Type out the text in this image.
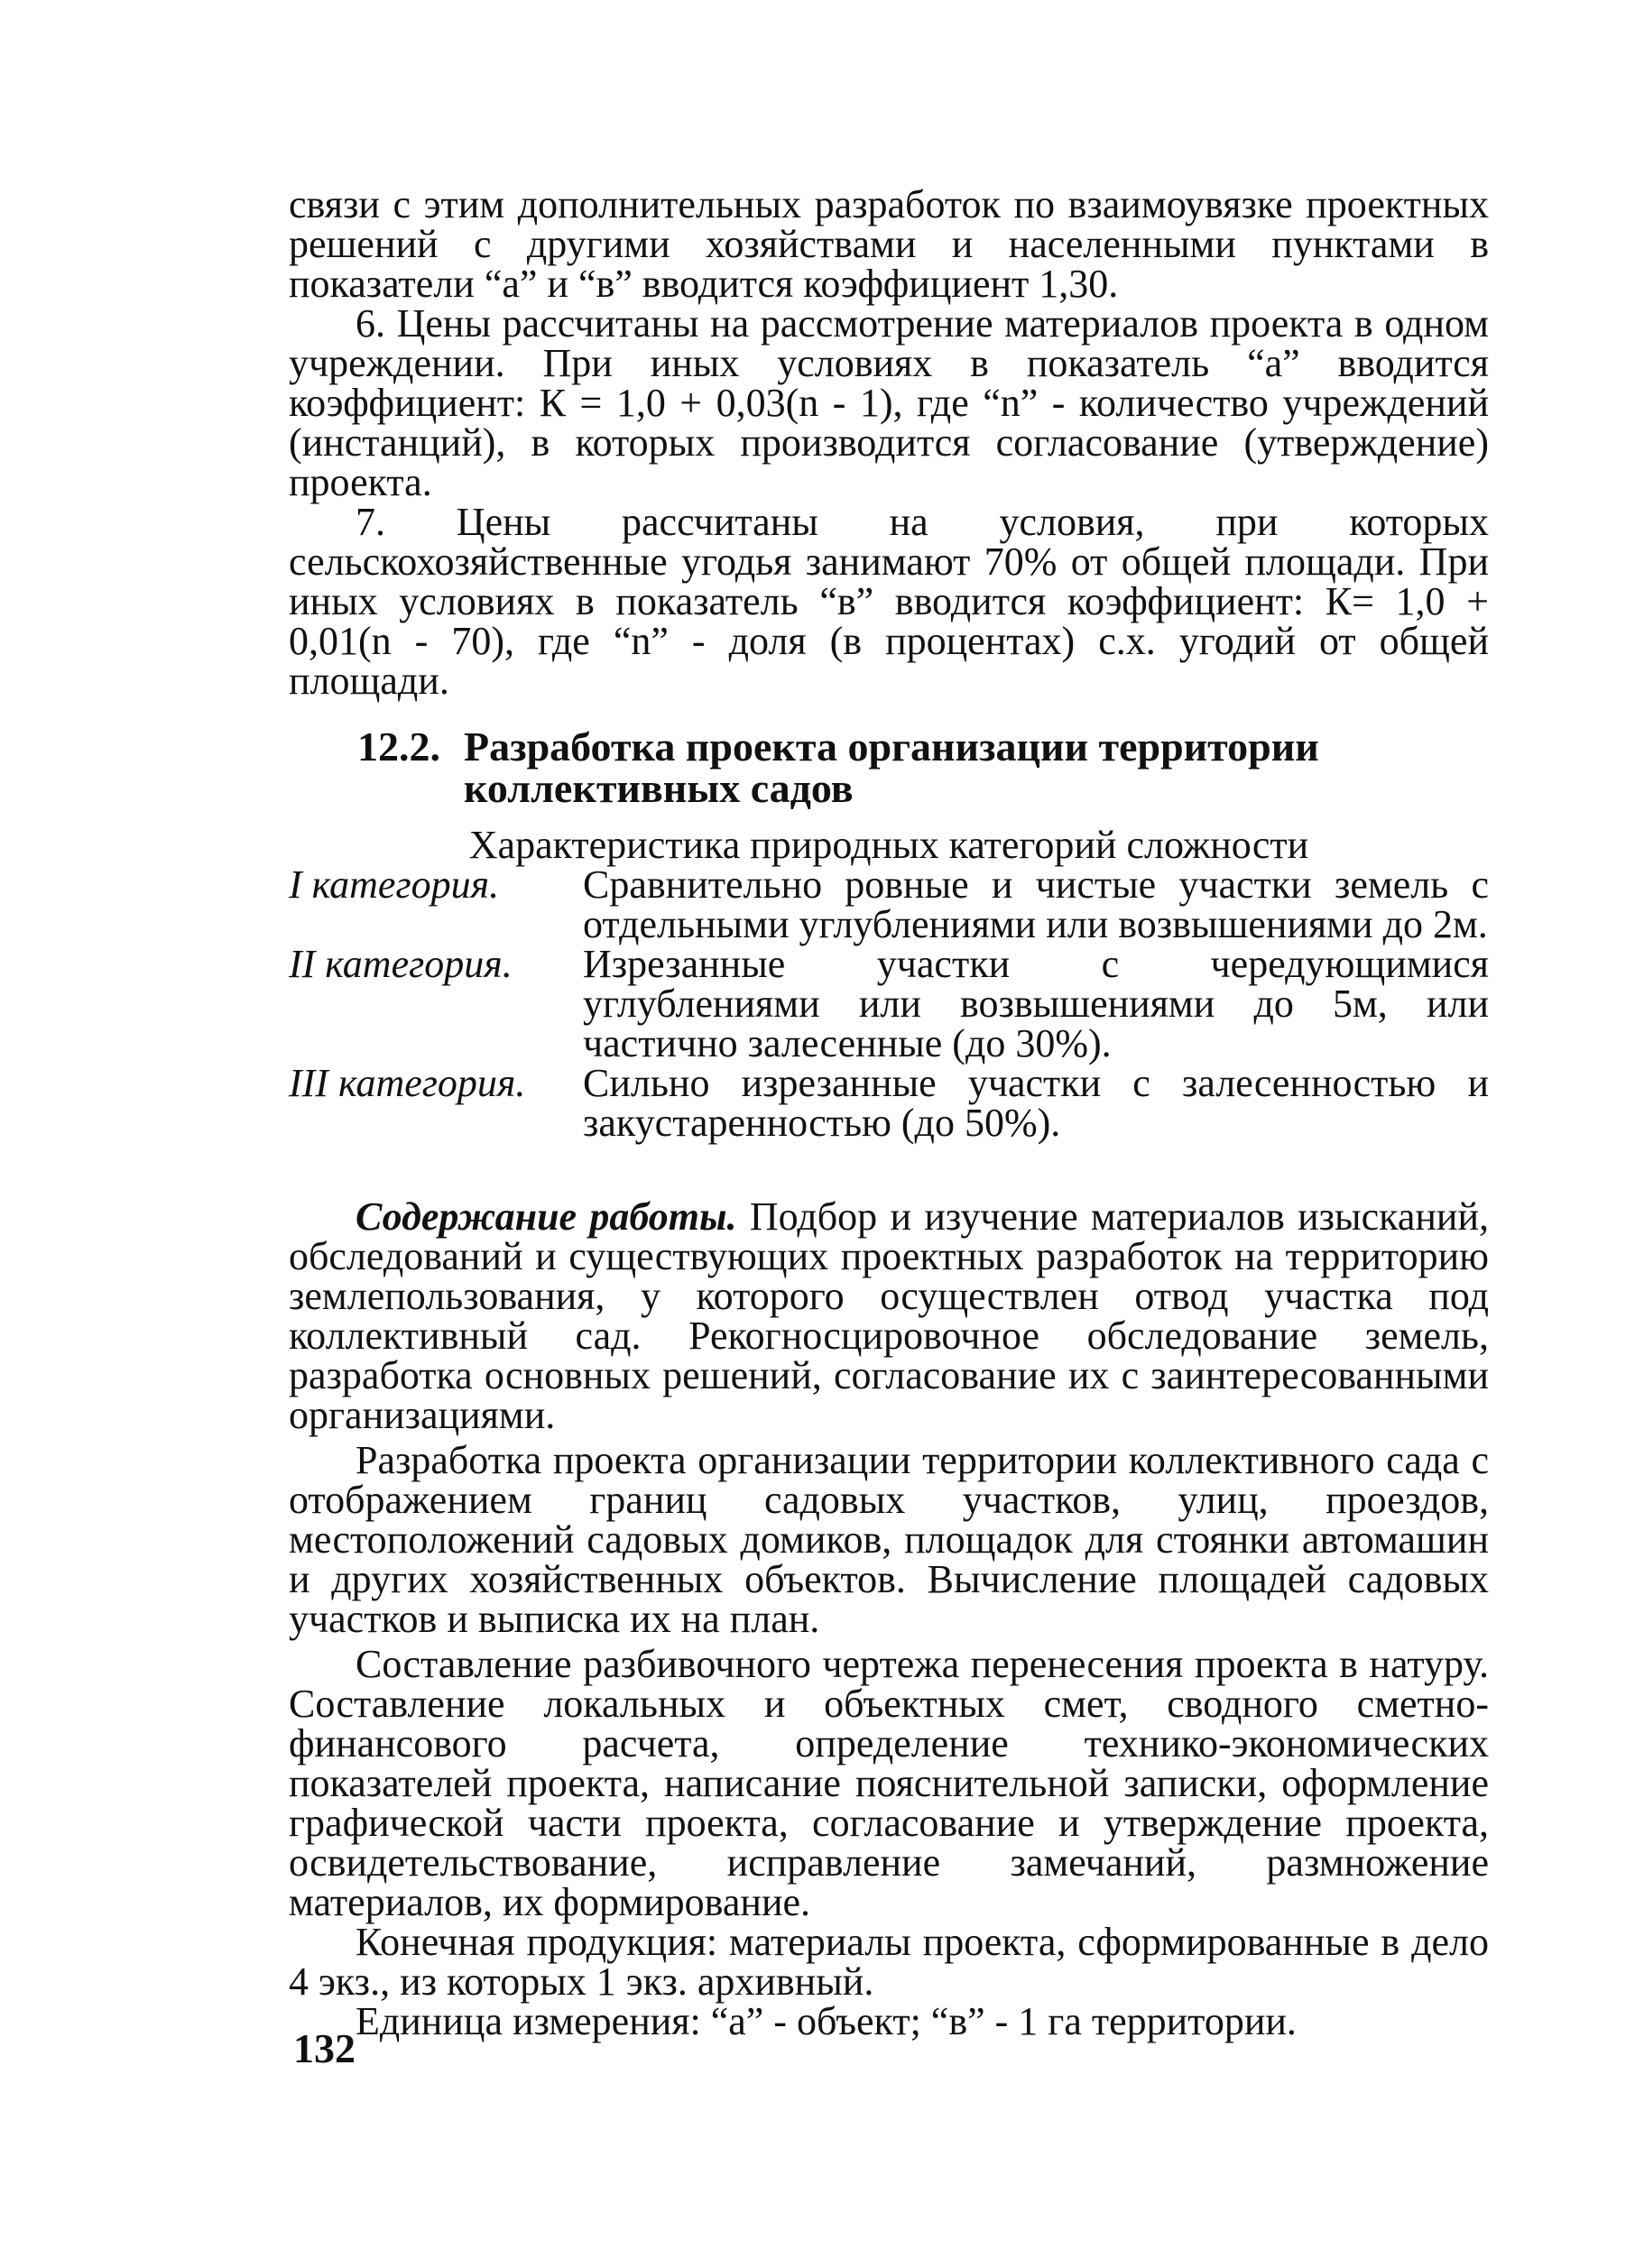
связи с этим дополнительных разработок по взаимоувязке проектных решений с другими хозяйствами и населенными пунктами в показатели “а” и “в” вводится коэффициент 1,30.

6. Цены рассчитаны на рассмотрение материалов проекта в одном учреждении. При иных условиях в показатель “а” вводится коэффициент: К = 1,0 + 0,03(n - 1), где “n” - количество учреждений (инстанций), в которых производится согласование (утверждение) проекта.

7. Цены рассчитаны на условия, при которых сельскохозяйственные угодья занимают 70% от общей площади. При иных условиях в показатель “в” вводится коэффициент: К= 1,0 + 0,01(n - 70), где “n” - доля (в процентах) с.х. угодий от общей площади.

12.2. Разработка проекта организации территории коллективных садов

Характеристика природных категорий сложности

I категория.	Сравнительно ровные и чистые участки земель с отдельными углублениями или возвышениями до 2м.
II категория.	Изрезанные участки с чередующимися углублениями или возвышениями до 5м, или частично залесенные (до 30%).
III категория.	Сильно изрезанные участки с залесенностью и закустаренностью (до 50%).

Содержание работы. Подбор и изучение материалов изысканий, обследований и существующих проектных разработок на территорию землепользования, у которого осуществлен отвод участка под коллективный сад. Рекогносцировочное обследование земель, разработка основных решений, согласование их с заинтересованными организациями.

Разработка проекта организации территории коллективного сада с отображением границ садовых участков, улиц, проездов, местоположений садовых домиков, площадок для стоянки автомашин и других хозяйственных объектов. Вычисление площадей садовых участков и выписка их на план.

Составление разбивочного чертежа перенесения проекта в натуру. Составление локальных и объектных смет, сводного сметно-финансового расчета, определение технико-экономических показателей проекта, написание пояснительной записки, оформление графической части проекта, согласование и утверждение проекта, освидетельствование, исправление замечаний, размножение материалов, их формирование.

Конечная продукция: материалы проекта, сформированные в дело 4 экз., из которых 1 экз. архивный.

Единица измерения: “а” - объект; “в” - 1 га территории.

132
